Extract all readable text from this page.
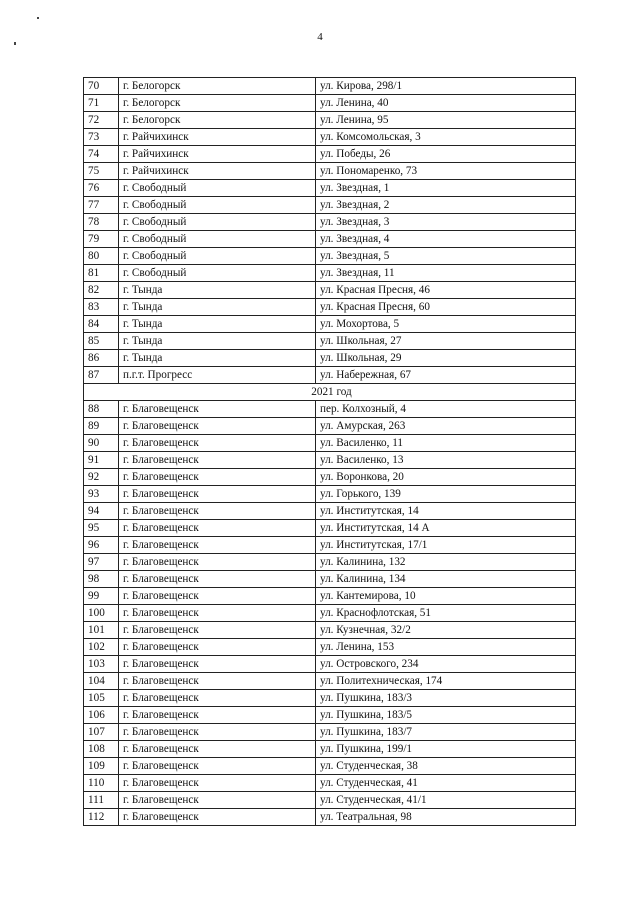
4
70	г. Белогорск	ул. Кирова, 298/1
71	г. Белогорск	ул. Ленина, 40
72	г. Белогорск	ул. Ленина, 95
73	г. Райчихинск	ул. Комсомольская, 3
74	г. Райчихинск	ул. Победы, 26
75	г. Райчихинск	ул. Пономаренко, 73
76	г. Свободный	ул. Звездная, 1
77	г. Свободный	ул. Звездная, 2
78	г. Свободный	ул. Звездная, 3
79	г. Свободный	ул. Звездная, 4
80	г. Свободный	ул. Звездная, 5
81	г. Свободный	ул. Звездная, 11
82	г. Тында	ул. Красная Пресня, 46
83	г. Тында	ул. Красная Пресня, 60
84	г. Тында	ул. Мохортова, 5
85	г. Тында	ул. Школьная, 27
86	г. Тында	ул. Школьная, 29
87	п.г.т. Прогресс	ул. Набережная, 67
2021 год		
88	г. Благовещенск	пер. Колхозный, 4
89	г. Благовещенск	ул. Амурская, 263
90	г. Благовещенск	ул. Василенко, 11
91	г. Благовещенск	ул. Василенко, 13
92	г. Благовещенск	ул. Воронкова, 20
93	г. Благовещенск	ул. Горького, 139
94	г. Благовещенск	ул. Институтская, 14
95	г. Благовещенск	ул. Институтская, 14 А
96	г. Благовещенск	ул. Институтская, 17/1
97	г. Благовещенск	ул. Калинина, 132
98	г. Благовещенск	ул. Калинина, 134
99	г. Благовещенск	ул. Кантемирова, 10
100	г. Благовещенск	ул. Краснофлотская, 51
101	г. Благовещенск	ул. Кузнечная, 32/2
102	г. Благовещенск	ул. Ленина, 153
103	г. Благовещенск	ул. Островского, 234
104	г. Благовещенск	ул. Политехническая, 174
105	г. Благовещенск	ул. Пушкина, 183/3
106	г. Благовещенск	ул. Пушкина, 183/5
107	г. Благовещенск	ул. Пушкина, 183/7
108	г. Благовещенск	ул. Пушкина, 199/1
109	г. Благовещенск	ул. Студенческая, 38
110	г. Благовещенск	ул. Студенческая, 41
111	г. Благовещенск	ул. Студенческая, 41/1
112	г. Благовещенск	ул. Театральная, 98
